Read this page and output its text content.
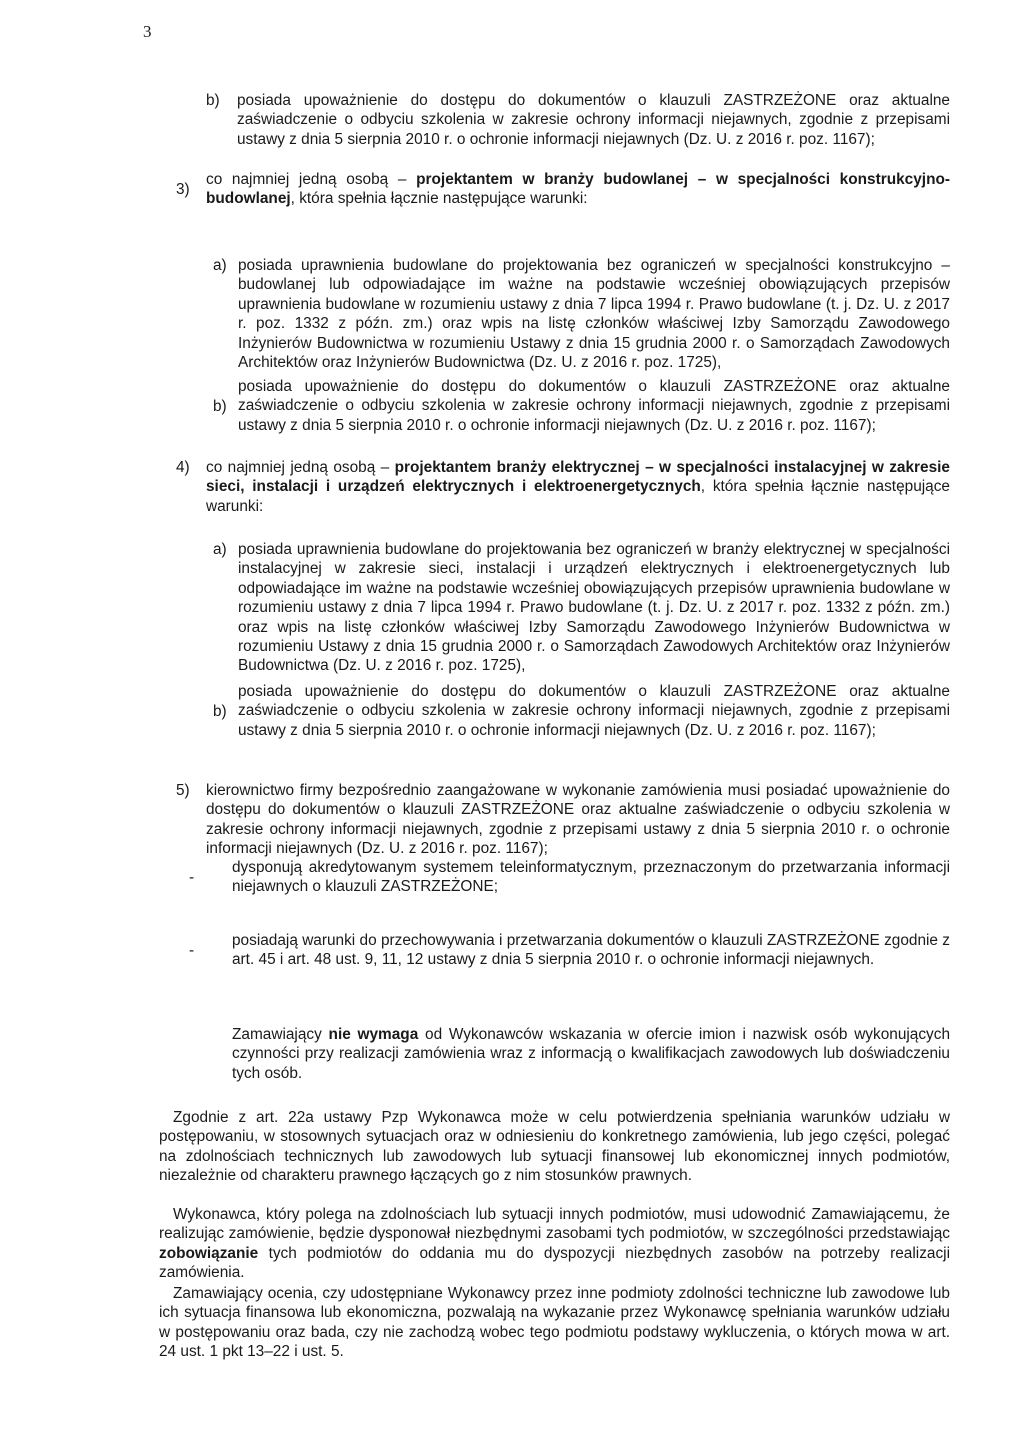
3
b) posiada upoważnienie do dostępu do dokumentów o klauzuli ZASTRZEŻONE oraz aktualne zaświadczenie o odbyciu szkolenia w zakresie ochrony informacji niejawnych, zgodnie z przepisami ustawy z dnia 5 sierpnia 2010 r. o ochronie informacji niejawnych (Dz. U. z 2016 r. poz. 1167);

3)

co najmniej jedną osobą – projektantem w branży budowlanej – w specjalności konstrukcyjno-budowlanej, która spełnia łącznie następujące warunki:

a) posiada uprawnienia budowlane do projektowania bez ograniczeń w specjalności konstrukcyjno – budowlanej lub odpowiadające im ważne na podstawie wcześniej obowiązujących przepisów uprawnienia budowlane w rozumieniu ustawy z dnia 7 lipca 1994 r. Prawo budowlane (t. j. Dz. U. z 2017 r. poz. 1332 z późn. zm.) oraz wpis na listę członków właściwej Izby Samorządu Zawodowego Inżynierów Budownictwa w rozumieniu Ustawy z dnia 15 grudnia 2000 r. o Samorządach Zawodowych Architektów oraz Inżynierów Budownictwa (Dz. U. z 2016 r. poz. 1725),

b)

posiada upoważnienie do dostępu do dokumentów o klauzuli ZASTRZEŻONE oraz aktualne zaświadczenie o odbyciu szkolenia w zakresie ochrony informacji niejawnych, zgodnie z przepisami ustawy z dnia 5 sierpnia 2010 r. o ochronie informacji niejawnych (Dz. U. z 2016 r. poz. 1167);

4) co najmniej jedną osobą – projektantem branży elektrycznej – w specjalności instalacyjnej w zakresie sieci, instalacji i urządzeń elektrycznych i elektroenergetycznych, która spełnia łącznie następujące warunki:

a) posiada uprawnienia budowlane do projektowania bez ograniczeń w branży elektrycznej w specjalności instalacyjnej w zakresie sieci, instalacji i urządzeń elektrycznych i elektroenergetycznych lub odpowiadające im ważne na podstawie wcześniej obowiązujących przepisów uprawnienia budowlane w rozumieniu ustawy z dnia 7 lipca 1994 r. Prawo budowlane (t. j. Dz. U. z 2017 r. poz. 1332 z późn. zm.) oraz wpis na listę członków właściwej Izby Samorządu Zawodowego Inżynierów Budownictwa w rozumieniu Ustawy z dnia 15 grudnia 2000 r. o Samorządach Zawodowych Architektów oraz Inżynierów Budownictwa (Dz. U. z 2016 r. poz. 1725),

b)

posiada upoważnienie do dostępu do dokumentów o klauzuli ZASTRZEŻONE oraz aktualne zaświadczenie o odbyciu szkolenia w zakresie ochrony informacji niejawnych, zgodnie z przepisami ustawy z dnia 5 sierpnia 2010 r. o ochronie informacji niejawnych (Dz. U. z 2016 r. poz. 1167);

5) kierownictwo firmy bezpośrednio zaangażowane w wykonanie zamówienia musi posiadać upoważnienie do dostępu do dokumentów o klauzuli ZASTRZEŻONE oraz aktualne zaświadczenie o odbyciu szkolenia w zakresie ochrony informacji niejawnych, zgodnie z przepisami ustawy z dnia 5 sierpnia 2010 r. o ochronie informacji niejawnych (Dz. U. z 2016 r. poz. 1167);

-

dysponują akredytowanym systemem teleinformatycznym, przeznaczonym do przetwarzania informacji niejawnych o klauzuli ZASTRZEŻONE;

-

posiadają warunki do przechowywania i przetwarzania dokumentów o klauzuli ZASTRZEŻONE zgodnie z art. 45 i art. 48 ust. 9, 11, 12 ustawy z dnia 5 sierpnia 2010 r. o ochronie informacji niejawnych.

Zamawiający nie wymaga od Wykonawców wskazania w ofercie imion i nazwisk osób wykonujących czynności przy realizacji zamówienia wraz z informacją o kwalifikacjach zawodowych lub doświadczeniu tych osób.

Zgodnie z art. 22a ustawy Pzp Wykonawca może w celu potwierdzenia spełniania warunków udziału w postępowaniu, w stosownych sytuacjach oraz w odniesieniu do konkretnego zamówienia, lub jego części, polegać na zdolnościach technicznych lub zawodowych lub sytuacji finansowej lub ekonomicznej innych podmiotów, niezależnie od charakteru prawnego łączących go z nim stosunków prawnych.

Wykonawca, który polega na zdolnościach lub sytuacji innych podmiotów, musi udowodnić Zamawiającemu, że realizując zamówienie, będzie dysponował niezbędnymi zasobami tych podmiotów, w szczególności przedstawiając zobowiązanie tych podmiotów do oddania mu do dyspozycji niezbędnych zasobów na potrzeby realizacji zamówienia.

Zamawiający ocenia, czy udostępniane Wykonawcy przez inne podmioty zdolności techniczne lub zawodowe lub ich sytuacja finansowa lub ekonomiczna, pozwalają na wykazanie przez Wykonawcę spełniania warunków udziału w postępowaniu oraz bada, czy nie zachodzą wobec tego podmiotu podstawy wykluczenia, o których mowa w art. 24 ust. 1 pkt 13–22 i ust. 5.
